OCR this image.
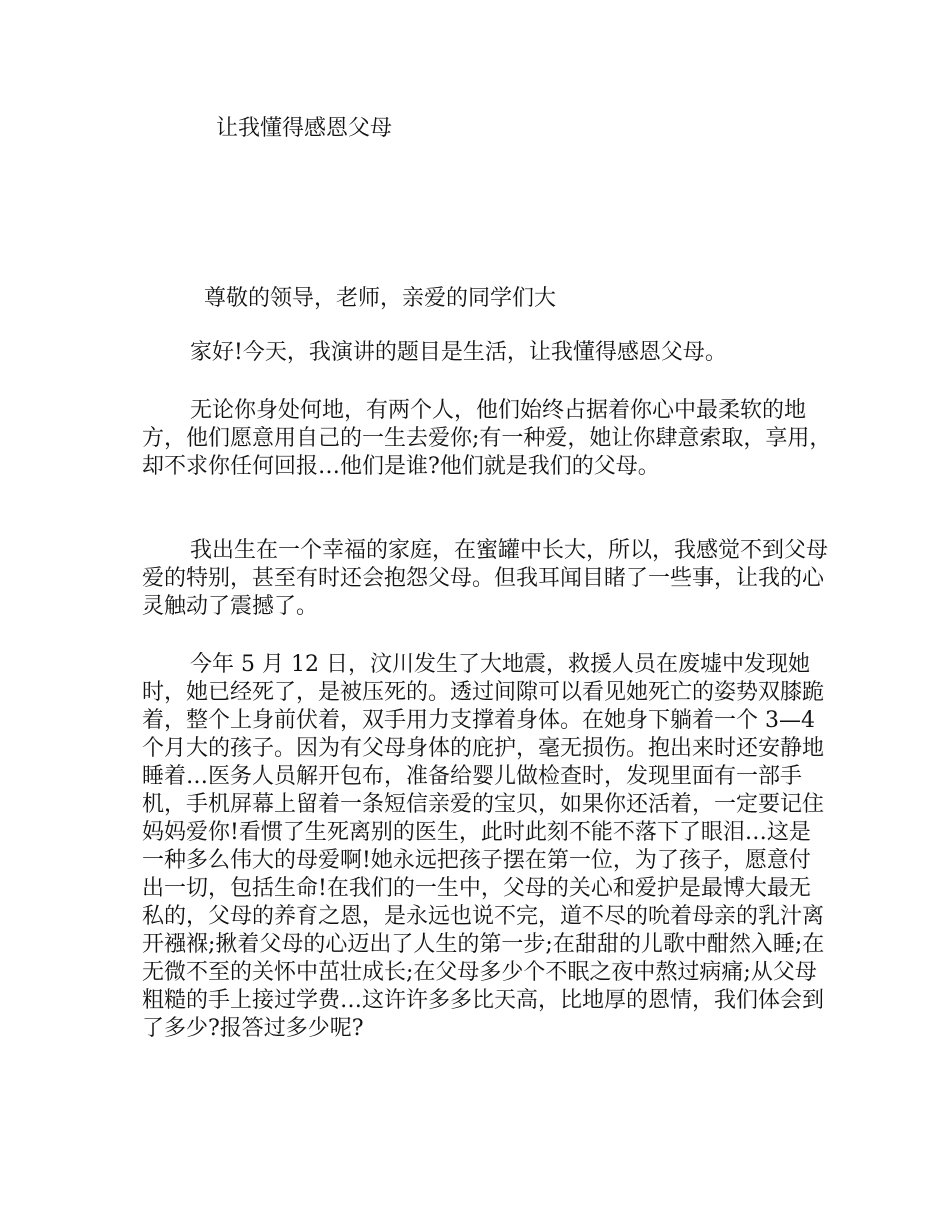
让我懂得感恩父母
尊敬的领导，老师，亲爱的同学们大
家好!今天，我演讲的题目是生活，让我懂得感恩父母。
无论你身处何地，有两个人，他们始终占据着你心中最柔软的地方，他们愿意用自己的一生去爱你;有一种爱，她让你肆意索取，享用，却不求你任何回报…他们是谁?他们就是我们的父母。
我出生在一个幸福的家庭，在蜜罐中长大，所以，我感觉不到父母爱的特别，甚至有时还会抱怨父母。但我耳闻目睹了一些事，让我的心灵触动了震撼了。
今年 5 月 12 日，汶川发生了大地震，救援人员在废墟中发现她时，她已经死了，是被压死的。透过间隙可以看见她死亡的姿势双膝跪着，整个上身前伏着，双手用力支撑着身体。在她身下躺着一个 3—4 个月大的孩子。因为有父母身体的庇护，毫无损伤。抱出来时还安静地睡着…医务人员解开包布，准备给婴儿做检查时，发现里面有一部手机，手机屏幕上留着一条短信亲爱的宝贝，如果你还活着，一定要记住妈妈爱你!看惯了生死离别的医生，此时此刻不能不落下了眼泪…这是一种多么伟大的母爱啊!她永远把孩子摆在第一位，为了孩子，愿意付出一切，包括生命!在我们的一生中，父母的关心和爱护是最博大最无私的，父母的养育之恩，是永远也说不完，道不尽的吮着母亲的乳汁离开襁褓;揪着父母的心迈出了人生的第一步;在甜甜的儿歌中酣然入睡;在无微不至的关怀中茁壮成长;在父母多少个不眠之夜中熬过病痛;从父母粗糙的手上接过学费…这许许多多比天高，比地厚的恩情，我们体会到了多少?报答过多少呢?
